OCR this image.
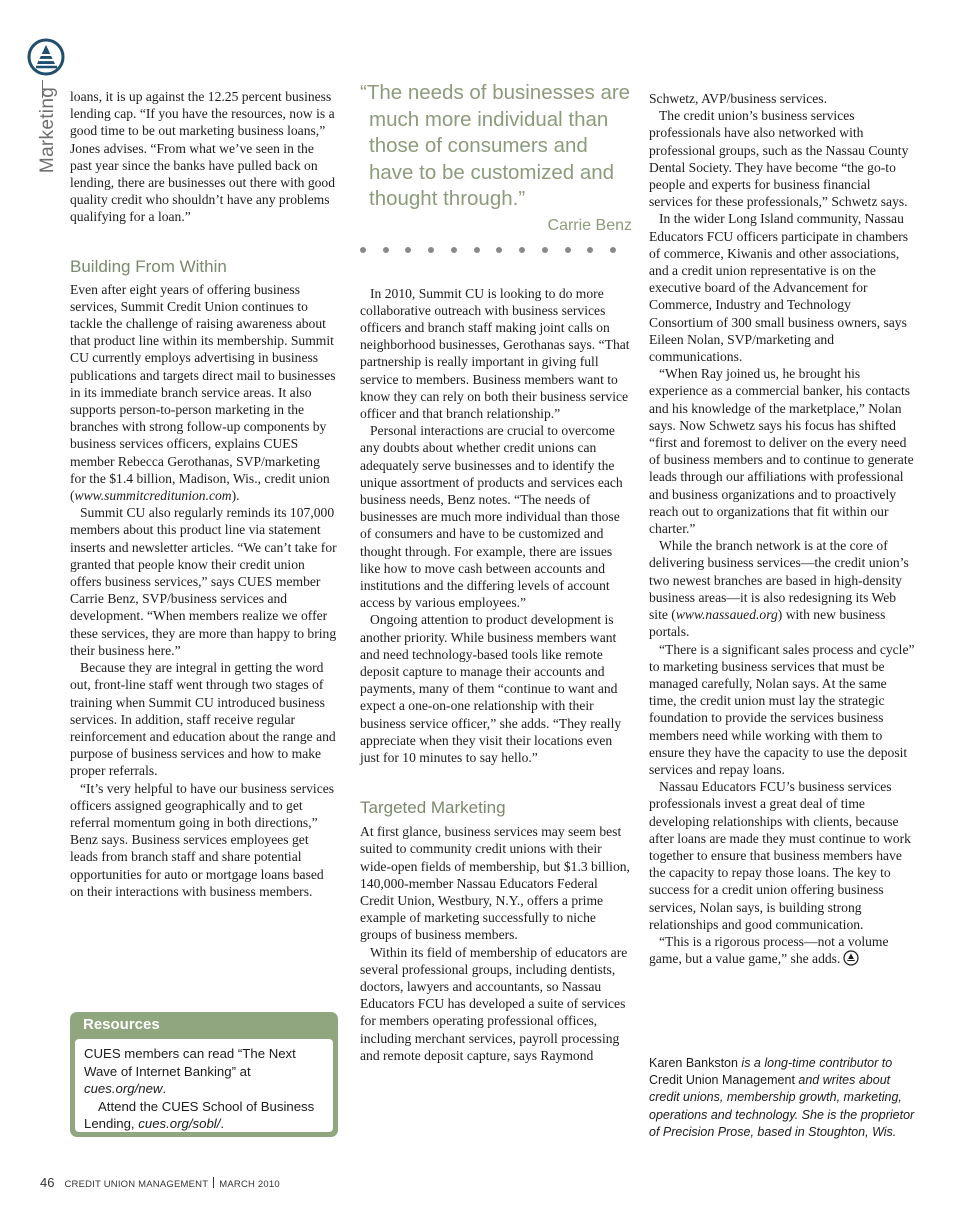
Marketing loans, it is up against the 12.25 percent business lending cap. “If you have the resources, now is a good time to be out marketing business loans,” Jones advises. “From what we’ve seen in the past year since the banks have pulled back on lending, there are businesses out there with good quality credit who shouldn’t have any problems qualifying for a loan.”

Building From Within

Even after eight years of offering business services, Summit Credit Union continues to tackle the challenge of raising awareness about that product line within its membership. Summit CU currently employs advertising in business publications and targets direct mail to businesses in its immediate branch service areas. It also supports person-to-person marketing in the branches with strong follow-up components by business services officers, explains CUES member Rebecca Gerothanas, SVP/marketing for the $1.4 billion, Madison, Wis., credit union (www.summitcreditunion.com).

Summit CU also regularly reminds its 107,000 members about this product line via statement inserts and newsletter articles. “We can’t take for granted that people know their credit union offers business services,” says CUES member Carrie Benz, SVP/business services and development. “When members realize we offer these services, they are more than happy to bring their business here.”

Because they are integral in getting the word out, front-line staff went through two stages of training when Summit CU introduced business services. In addition, staff receive regular reinforcement and education about the range and purpose of business services and how to make proper referrals.

“It’s very helpful to have our business services officers assigned geographically and to get referral momentum going in both directions,” Benz says. Business services employees get leads from branch staff and share potential opportunities for auto or mortgage loans based on their interactions with business members.

Resources
CUES members can read “The Next Wave of Internet Banking” at cues.org/new.
Attend the CUES School of Business Lending, cues.org/sobl/.
“The needs of businesses are
much more individual than
those of consumers and
have to be customized and
thought through.”
Carrie Benz

In 2010, Summit CU is looking to do more collaborative outreach with business services officers and branch staff making joint calls on neighborhood businesses, Gerothanas says. “That partnership is really important in giving full service to members. Business members want to know they can rely on both their business service officer and that branch relationship.”

Personal interactions are crucial to overcome any doubts about whether credit unions can adequately serve businesses and to identify the unique assortment of products and services each business needs, Benz notes. “The needs of businesses are much more individual than those of consumers and have to be customized and thought through. For example, there are issues like how to move cash between accounts and institutions and the differing levels of account access by various employees.”

Ongoing attention to product development is another priority. While business members want and need technology-based tools like remote deposit capture to manage their accounts and payments, many of them “continue to want and expect a one-on-one relationship with their business service officer,” she adds. “They really appreciate when they visit their locations even just for 10 minutes to say hello.”

Targeted Marketing

At first glance, business services may seem best suited to community credit unions with their wide-open fields of membership, but $1.3 billion, 140,000-member Nassau Educators Federal Credit Union, Westbury, N.Y., offers a prime example of marketing successfully to niche groups of business members.

Within its field of membership of educators are several professional groups, including dentists, doctors, lawyers and accountants, so Nassau Educators FCU has developed a suite of services for members operating professional offices, including merchant services, payroll processing and remote deposit capture, says Raymond

Schwetz, AVP/business services.

The credit union’s business services professionals have also networked with professional groups, such as the Nassau County Dental Society. They have become “the go-to people and experts for business financial services for these professionals,” Schwetz says.

In the wider Long Island community, Nassau Educators FCU officers participate in chambers of commerce, Kiwanis and other associations, and a credit union representative is on the executive board of the Advancement for Commerce, Industry and Technology Consortium of 300 small business owners, says Eileen Nolan, SVP/marketing and communications.

“When Ray joined us, he brought his experience as a commercial banker, his contacts and his knowledge of the marketplace,” Nolan says. Now Schwetz says his focus has shifted “first and foremost to deliver on the every need of business members and to continue to generate leads through our affiliations with professional and business organizations and to proactively reach out to organizations that fit within our charter.”

While the branch network is at the core of delivering business services—the credit union’s two newest branches are based in high-density business areas—it is also redesigning its Web site (www.nassaued.org) with new business portals.

“There is a significant sales process and cycle” to marketing business services that must be managed carefully, Nolan says. At the same time, the credit union must lay the strategic foundation to provide the services business members need while working with them to ensure they have the capacity to use the deposit services and repay loans.

Nassau Educators FCU’s business services professionals invest a great deal of time developing relationships with clients, because after loans are made they must continue to work together to ensure that business members have the capacity to repay those loans. The key to success for a credit union offering business services, Nolan says, is building strong relationships and good communication.

“This is a rigorous process—not a volume game, but a value game,” she adds.

Karen Bankston is a long-time contributor to Credit Union Management and writes about credit unions, membership growth, marketing, operations and technology. She is the proprietor of Precision Prose, based in Stoughton, Wis.
46 CREDIT UNION MANAGEMENT MARCH 2010
